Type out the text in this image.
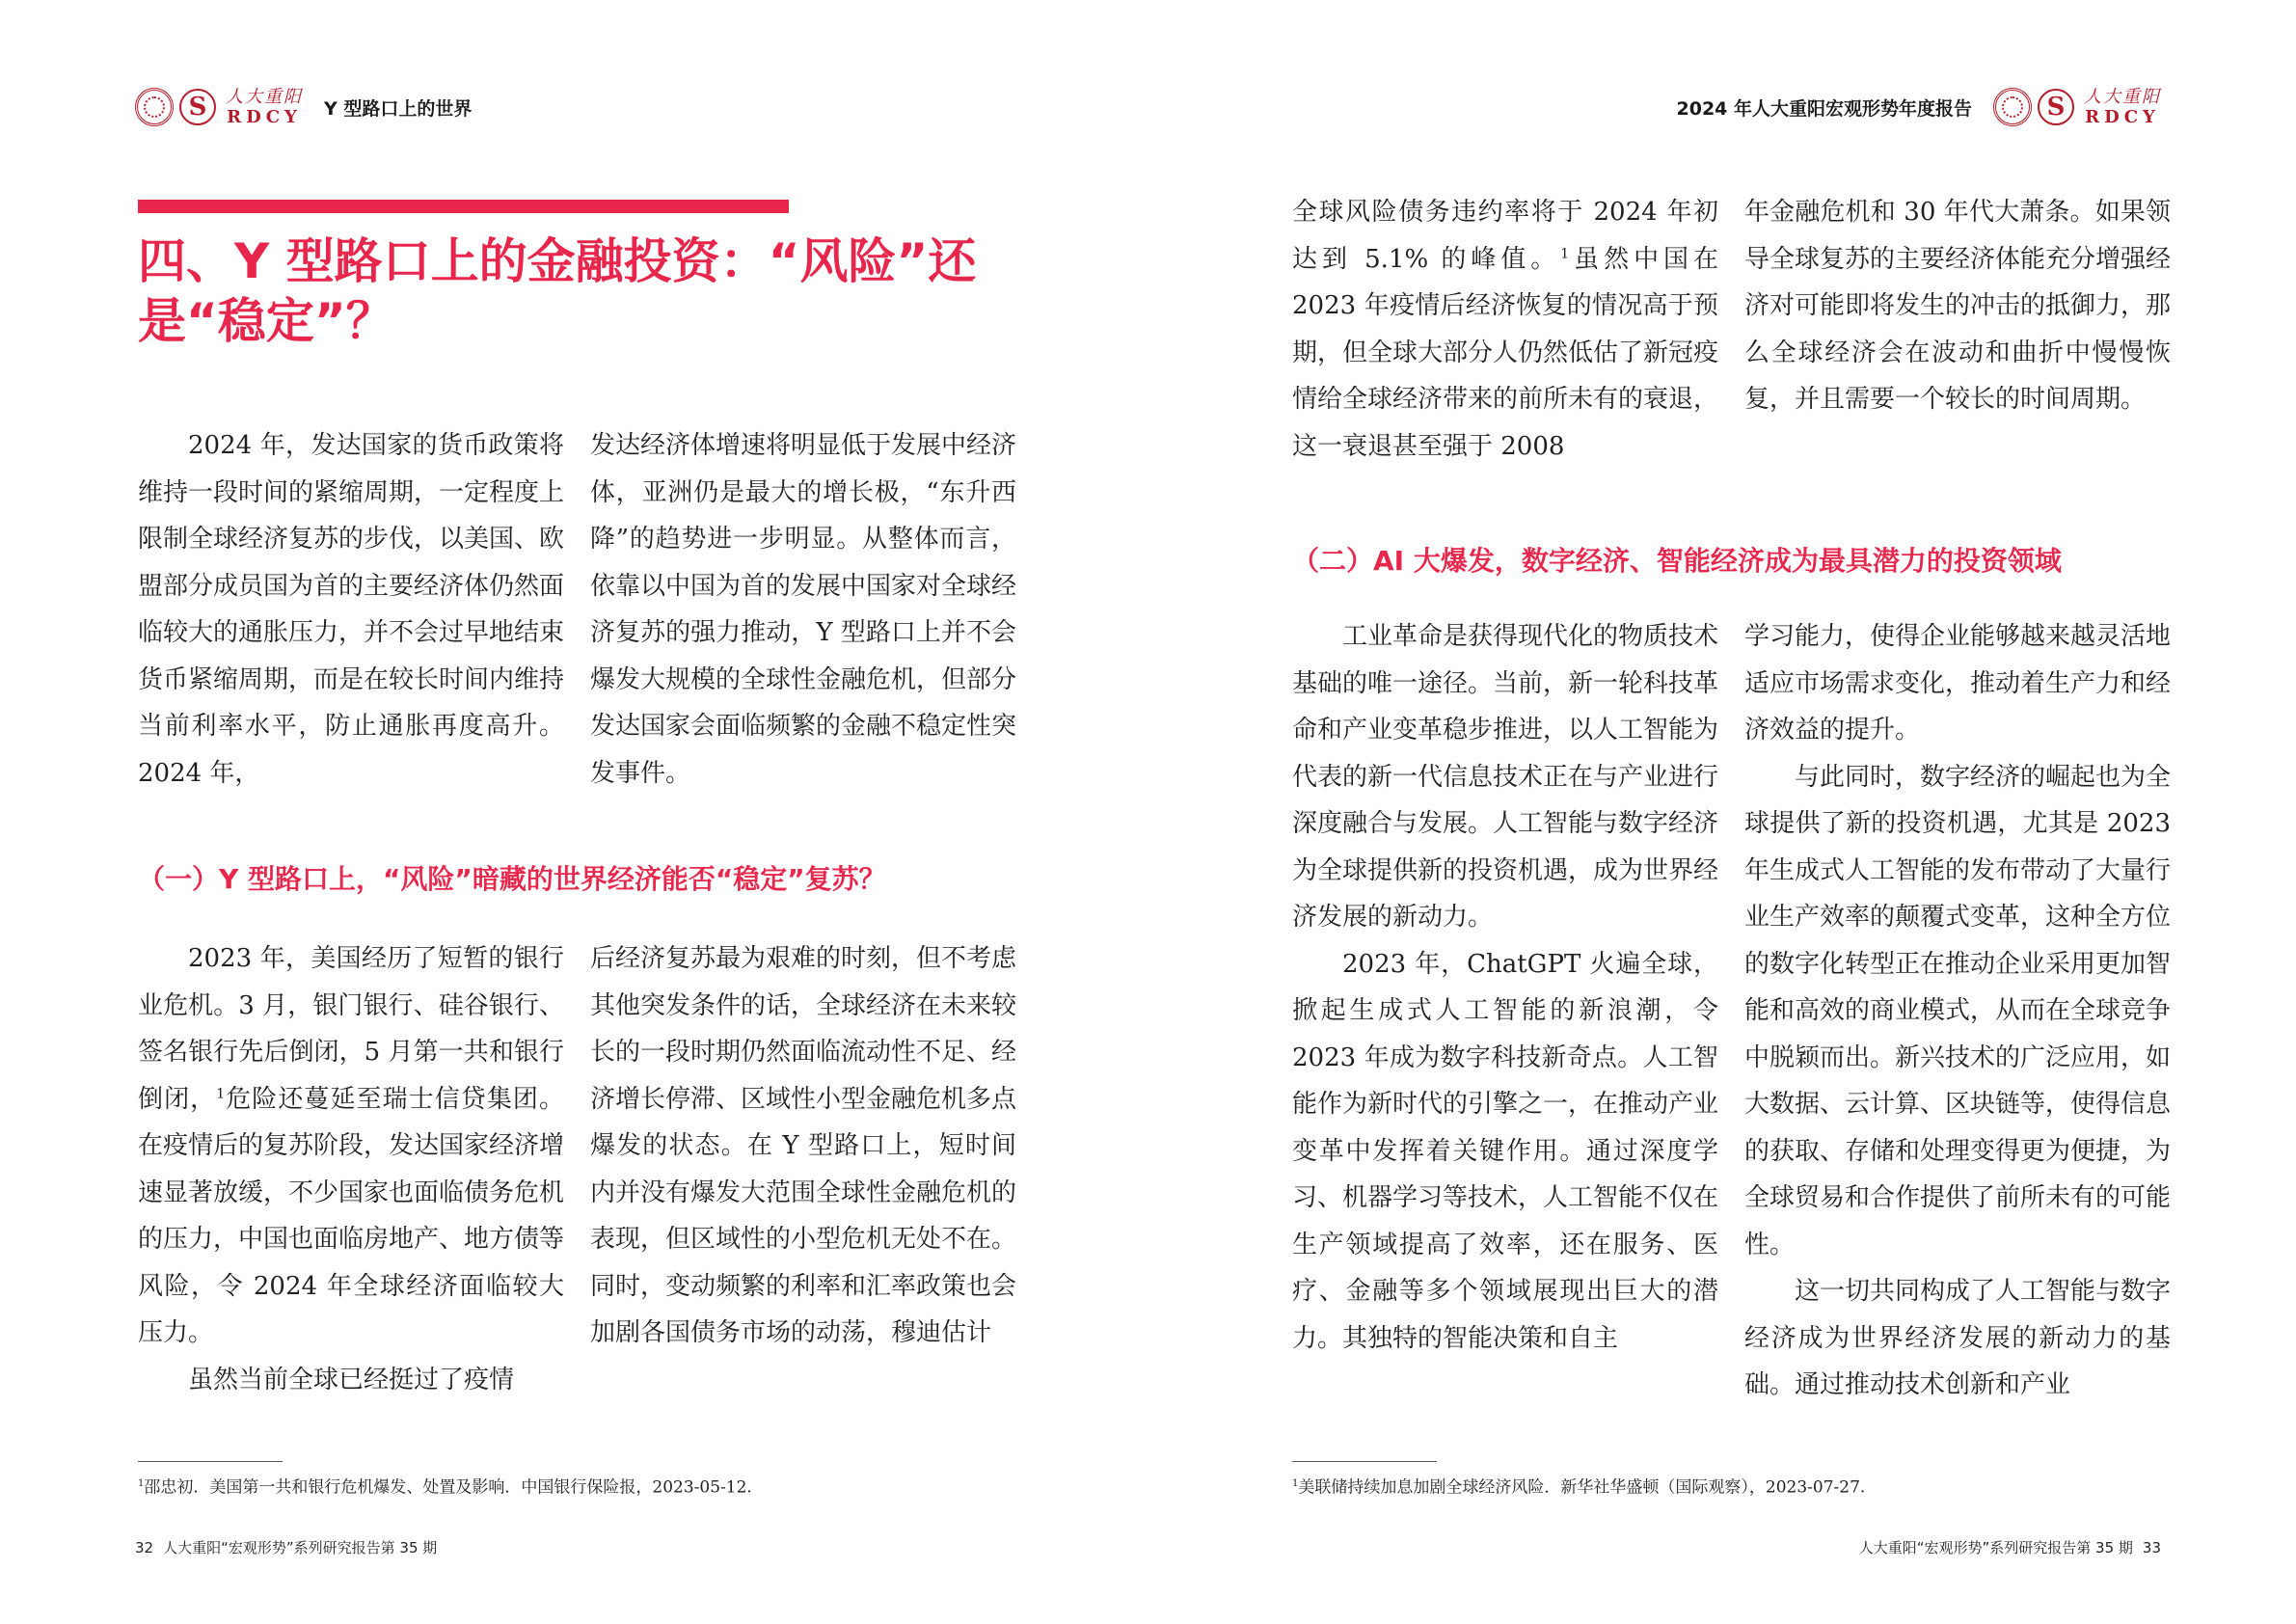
S	人大重阳
RDCY Y 型路口上的世界
四、Y 型路口上的金融投资：“风险”还是“稳定”？

2024 年，发达国家的货币政策将维持一段时间的紧缩周期，一定程度上限制全球经济复苏的步伐，以美国、欧盟部分成员国为首的主要经济体仍然面临较大的通胀压力，并不会过早地结束货币紧缩周期，而是在较长时间内维持当前利率水平，防止通胀再度高升。2024 年，

发达经济体增速将明显低于发展中经济体，亚洲仍是最大的增长极，“东升西降”的趋势进一步明显。从整体而言，依靠以中国为首的发展中国家对全球经济复苏的强力推动，Y 型路口上并不会爆发大规模的全球性金融危机，但部分发达国家会面临频繁的金融不稳定性突发事件。

（一）Y 型路口上，“风险”暗藏的世界经济能否“稳定”复苏？

2023 年，美国经历了短暂的银行业危机。3 月，银门银行、硅谷银行、签名银行先后倒闭，5 月第一共和银行倒闭，$^1$危险还蔓延至瑞士信贷集团。在疫情后的复苏阶段，发达国家经济增速显著放缓，不少国家也面临债务危机的压力，中国也面临房地产、地方债等风险，令 2024 年全球经济面临较大压力。

虽然当前全球已经挺过了疫情

后经济复苏最为艰难的时刻，但不考虑其他突发条件的话，全球经济在未来较长的一段时期仍然面临流动性不足、经济增长停滞、区域性小型金融危机多点爆发的状态。在 Y 型路口上，短时间内并没有爆发大范围全球性金融危机的表现，但区域性的小型危机无处不在。同时，变动频繁的利率和汇率政策也会加剧各国债务市场的动荡，穆迪估计

$^1$邵忠初．美国第一共和银行危机爆发、处置及影响．中国银行保险报，2023-05-12.

32 人大重阳“宏观形势”系列研究报告第 35 期
2024 年人大重阳宏观形势年度报告	S	人大重阳
RDCY

全球风险债务违约率将于 2024 年初达到 5.1% 的峰值。$^1$虽然中国在 2023 年疫情后经济恢复的情况高于预期，但全球大部分人仍然低估了新冠疫情给全球经济带来的前所未有的衰退，这一衰退甚至强于 2008

年金融危机和 30 年代大萧条。如果领导全球复苏的主要经济体能充分增强经济对可能即将发生的冲击的抵御力，那么全球经济会在波动和曲折中慢慢恢复，并且需要一个较长的时间周期。

（二）AI 大爆发，数字经济、智能经济成为最具潜力的投资领域

工业革命是获得现代化的物质技术基础的唯一途径。当前，新一轮科技革命和产业变革稳步推进，以人工智能为代表的新一代信息技术正在与产业进行深度融合与发展。人工智能与数字经济为全球提供新的投资机遇，成为世界经济发展的新动力。

2023 年，ChatGPT 火遍全球，掀起生成式人工智能的新浪潮，令 2023 年成为数字科技新奇点。人工智能作为新时代的引擎之一，在推动产业变革中发挥着关键作用。通过深度学习、机器学习等技术，人工智能不仅在生产领域提高了效率，还在服务、医疗、金融等多个领域展现出巨大的潜力。其独特的智能决策和自主

学习能力，使得企业能够越来越灵活地适应市场需求变化，推动着生产力和经济效益的提升。

与此同时，数字经济的崛起也为全球提供了新的投资机遇，尤其是 2023 年生成式人工智能的发布带动了大量行业生产效率的颠覆式变革，这种全方位的数字化转型正在推动企业采用更加智能和高效的商业模式，从而在全球竞争中脱颖而出。新兴技术的广泛应用，如大数据、云计算、区块链等，使得信息的获取、存储和处理变得更为便捷，为全球贸易和合作提供了前所未有的可能性。

这一切共同构成了人工智能与数字经济成为世界经济发展的新动力的基础。通过推动技术创新和产业

$^1$美联储持续加息加剧全球经济风险．新华社华盛顿（国际观察），2023-07-27.

人大重阳“宏观形势”系列研究报告第 35 期 33
